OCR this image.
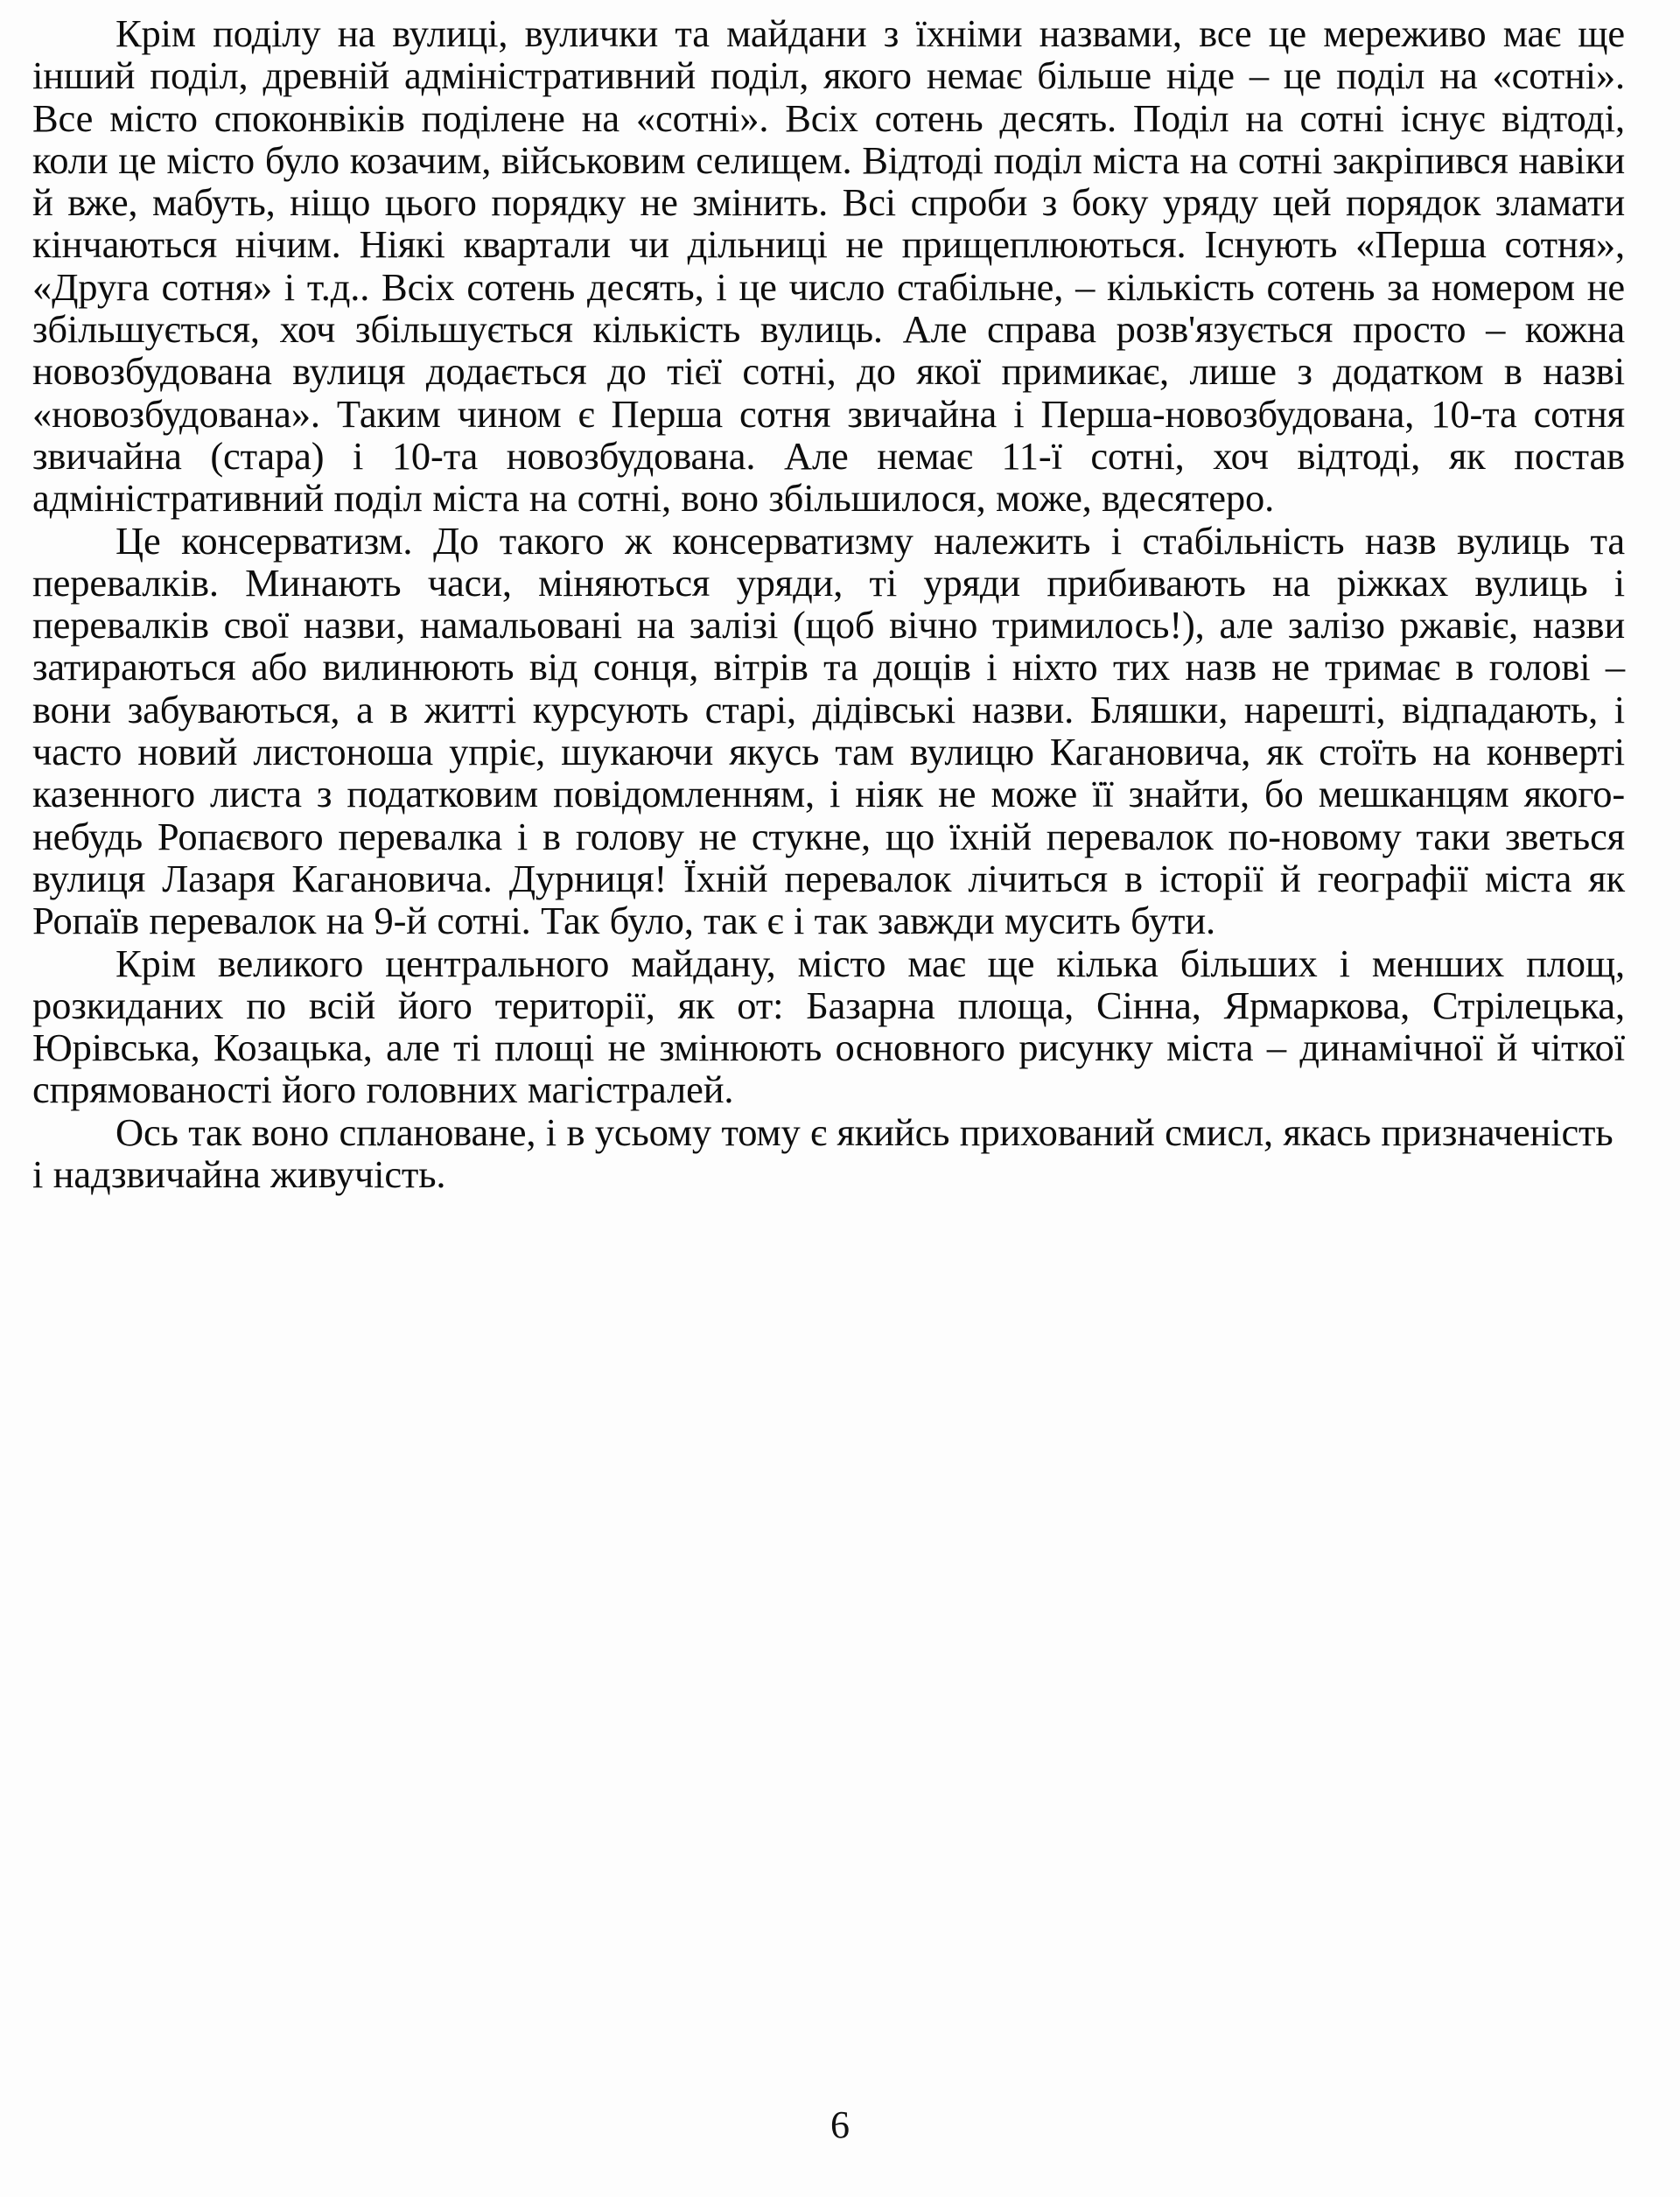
Крім поділу на вулиці, вулички та майдани з їхніми назвами, все це мереживо має ще інший поділ, древній адміністративний поділ, якого немає більше ніде – це поділ на «сотні». Все місто споконвіків поділене на «сотні». Всіх сотень десять. Поділ на сотні існує відтоді, коли це місто було козачим, військовим селищем. Відтоді поділ міста на сотні закріпився навіки й вже, мабуть, ніщо цього порядку не змінить. Всі спроби з боку уряду цей порядок зламати кінчаються нічим. Ніякі квартали чи дільниці не прищеплюються. Існують «Перша сотня», «Друга сотня» і т.д.. Всіх сотень десять, і це число стабільне, – кількість сотень за номером не збільшується, хоч збільшується кількість вулиць. Але справа розв'язується просто – кожна новозбудована вулиця додається до тієї сотні, до якої примикає, лише з додатком в назві «новозбудована». Таким чином є Перша сотня звичайна і Перша-новозбудована, 10-та сотня звичайна (стара) і 10-та новозбудована. Але немає 11-ї сотні, хоч відтоді, як постав адміністративний поділ міста на сотні, воно збільшилося, може, вдесятеро.

Це консерватизм. До такого ж консерватизму належить і стабільність назв вулиць та перевалків. Минають часи, міняються уряди, ті уряди прибивають на ріжках вулиць і перевалків свої назви, намальовані на залізі (щоб вічно тримилось!), але залізо ржавіє, назви затираються або вилинюють від сонця, вітрів та дощів і ніхто тих назв не тримає в голові – вони забуваються, а в житті курсують старі, дідівські назви. Бляшки, нарешті, відпадають, і часто новий листоноша упріє, шукаючи якусь там вулицю Кагановича, як стоїть на конверті казенного листа з податковим повідомленням, і ніяк не може її знайти, бо мешканцям якого-небудь Ропаєвого перевалка і в голову не стукне, що їхній перевалок по-новому таки зветься вулиця Лазаря Кагановича. Дурниця! Їхній перевалок лічиться в історії й географії міста як Ропаїв перевалок на 9-й сотні. Так було, так є і так завжди мусить бути.

Крім великого центрального майдану, місто має ще кілька більших і менших площ, розкиданих по всій його території, як от: Базарна площа, Сінна, Ярмаркова, Стрілецька, Юрівська, Козацька, але ті площі не змінюють основного рисунку міста – динамічної й чіткої спрямованості його головних магістралей.

Ось так воно сплановане, і в усьому тому є якийсь прихований смисл, якась призначеність і надзвичайна живучість.

6
